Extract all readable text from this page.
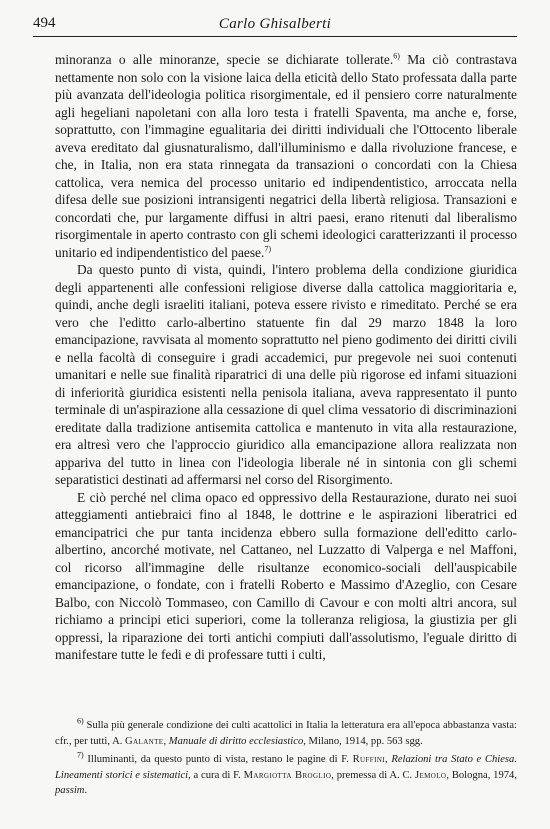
494	Carlo Ghisalberti

minoranza o alle minoranze, specie se dichiarate tollerate.$^{6)}$ Ma ciò contrastava nettamente non solo con la visione laica della eticità dello Stato professata dalla parte più avanzata dell'ideologia politica risorgimentale, ed il pensiero corre naturalmente agli hegeliani napoletani con alla loro testa i fratelli Spaventa, ma anche e, forse, soprattutto, con l'immagine egualitaria dei diritti individuali che l'Ottocento liberale aveva ereditato dal giusnaturalismo, dall'illuminismo e dalla rivoluzione francese, e che, in Italia, non era stata rinnegata da transazioni o concordati con la Chiesa cattolica, vera nemica del processo unitario ed indipendentistico, arroccata nella difesa delle sue posizioni intransigenti negatrici della libertà religiosa. Transazioni e concordati che, pur largamente diffusi in altri paesi, erano ritenuti dal liberalismo risorgimentale in aperto contrasto con gli schemi ideologici caratterizzanti il processo unitario ed indipendentistico del paese.$^{7)}$

Da questo punto di vista, quindi, l'intero problema della condizione giuridica degli appartenenti alle confessioni religiose diverse dalla cattolica maggioritaria e, quindi, anche degli israeliti italiani, poteva essere rivisto e rimeditato. Perché se era vero che l'editto carlo-albertino statuente fin dal 29 marzo 1848 la loro emancipazione, ravvisata al momento soprattutto nel pieno godimento dei diritti civili e nella facoltà di conseguire i gradi accademici, pur pregevole nei suoi contenuti umanitari e nelle sue finalità riparatrici di una delle più rigorose ed infami situazioni di inferiorità giuridica esistenti nella penisola italiana, aveva rappresentato il punto terminale di un'aspirazione alla cessazione di quel clima vessatorio di discriminazioni ereditate dalla tradizione antisemita cattolica e mantenuto in vita alla restaurazione, era altresì vero che l'approccio giuridico alla emancipazione allora realizzata non appariva del tutto in linea con l'ideologia liberale né in sintonia con gli schemi separatistici destinati ad affermarsi nel corso del Risorgimento.

E ciò perché nel clima opaco ed oppressivo della Restaurazione, durato nei suoi atteggiamenti antiebraici fino al 1848, le dottrine e le aspirazioni liberatrici ed emancipatrici che pur tanta incidenza ebbero sulla formazione dell'editto carlo-albertino, ancorché motivate, nel Cattaneo, nel Luzzatto di Valperga e nel Maffoni, col ricorso all'immagine delle risultanze economico-sociali dell'auspicabile emancipazione, o fondate, con i fratelli Roberto e Massimo d'Azeglio, con Cesare Balbo, con Niccolò Tommaseo, con Camillo di Cavour e con molti altri ancora, sul richiamo a principi etici superiori, come la tolleranza religiosa, la giustizia per gli oppressi, la riparazione dei torti antichi compiuti dall'assolutismo, l'eguale diritto di manifestare tutte le fedi e di professare tutti i culti,

$^{6)}$ Sulla più generale condizione dei culti acattolici in Italia la letteratura era all'epoca abbastanza vasta: cfr., per tutti, A. Galante, Manuale di diritto ecclesiastico, Milano, 1914, pp. 563 sgg.

$^{7)}$ Illuminanti, da questo punto di vista, restano le pagine di F. Ruffini, Relazioni tra Stato e Chiesa. Lineamenti storici e sistematici, a cura di F. Margiotta Broglio, premessa di A. C. Jemolo, Bologna, 1974, passim.
